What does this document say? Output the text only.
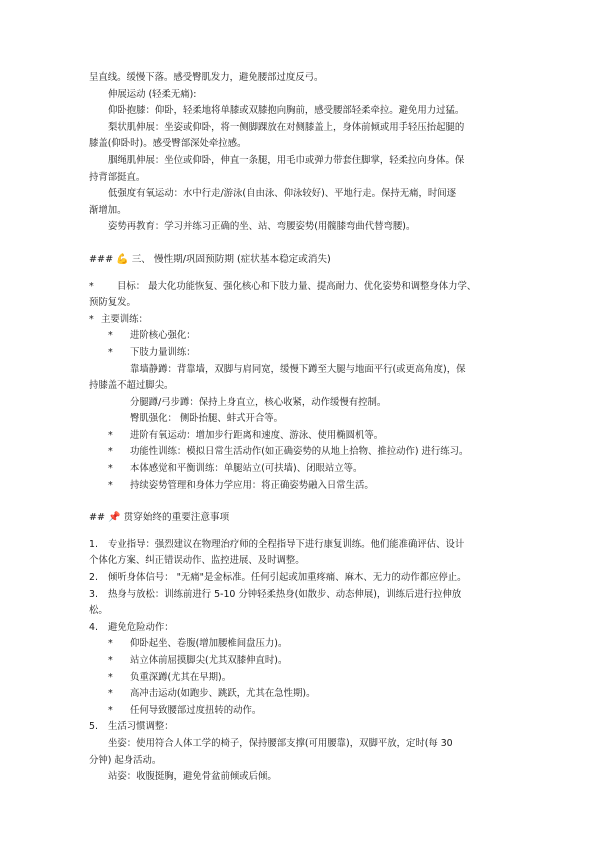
呈直线。缓慢下落。感受臀肌发力，避免腰部过度反弓。
伸展运动 (轻柔无痛):
仰卧抱膝：仰卧，轻柔地将单膝或双膝抱向胸前，感受腰部轻柔牵拉。避免用力过猛。
梨状肌伸展：坐姿或仰卧，将一侧脚踝放在对侧膝盖上，身体前倾或用手轻压抬起腿的
膝盖(仰卧时)。感受臀部深处牵拉感。
腘绳肌伸展：坐位或仰卧，伸直一条腿，用毛巾或弹力带套住脚掌，轻柔拉向身体。保
持背部挺直。
低强度有氧运动：水中行走/游泳(自由泳、仰泳较好)、平地行走。保持无痛，时间逐
渐增加。
姿势再教育：学习并练习正确的坐、站、弯腰姿势(用髋膝弯曲代替弯腰)。
### 💪 三、 慢性期/巩固预防期 (症状基本稳定或消失)
* 目标： 最大化功能恢复、强化核心和下肢力量、提高耐力、优化姿势和调整身体力学、
预防复发。
* 主要训练：
* 进阶核心强化：
* 下肢力量训练：
靠墙静蹲：背靠墙，双脚与肩同宽，缓慢下蹲至大腿与地面平行(或更高角度)，保
持膝盖不超过脚尖。
分腿蹲/弓步蹲：保持上身直立，核心收紧，动作缓慢有控制。
臀肌强化： 侧卧抬腿、蚌式开合等。
* 进阶有氧运动：增加步行距离和速度、游泳、使用椭圆机等。
* 功能性训练：模拟日常生活动作(如正确姿势的从地上拾物、推拉动作) 进行练习。
* 本体感觉和平衡训练：单腿站立(可扶墙)、闭眼站立等。
* 持续姿势管理和身体力学应用：将正确姿势融入日常生活。
## 📌 贯穿始终的重要注意事项
1. 专业指导：强烈建议在物理治疗师的全程指导下进行康复训练。他们能准确评估、设计
个体化方案、纠正错误动作、监控进展、及时调整。
2. 倾听身体信号： "无痛"是金标准。任何引起或加重疼痛、麻木、无力的动作都应停止。
3. 热身与放松：训练前进行 5-10 分钟轻柔热身(如散步、动态伸展)，训练后进行拉伸放
松。
4. 避免危险动作：
* 仰卧起坐、卷腹(增加腰椎间盘压力)。
* 站立体前屈摸脚尖(尤其双膝伸直时)。
* 负重深蹲(尤其在早期)。
* 高冲击运动(如跑步、跳跃，尤其在急性期)。
* 任何导致腰部过度扭转的动作。
5. 生活习惯调整：
坐姿：使用符合人体工学的椅子，保持腰部支撑(可用腰靠)，双脚平放，定时(每 30
分钟) 起身活动。
站姿：收腹挺胸，避免骨盆前倾或后倾。
